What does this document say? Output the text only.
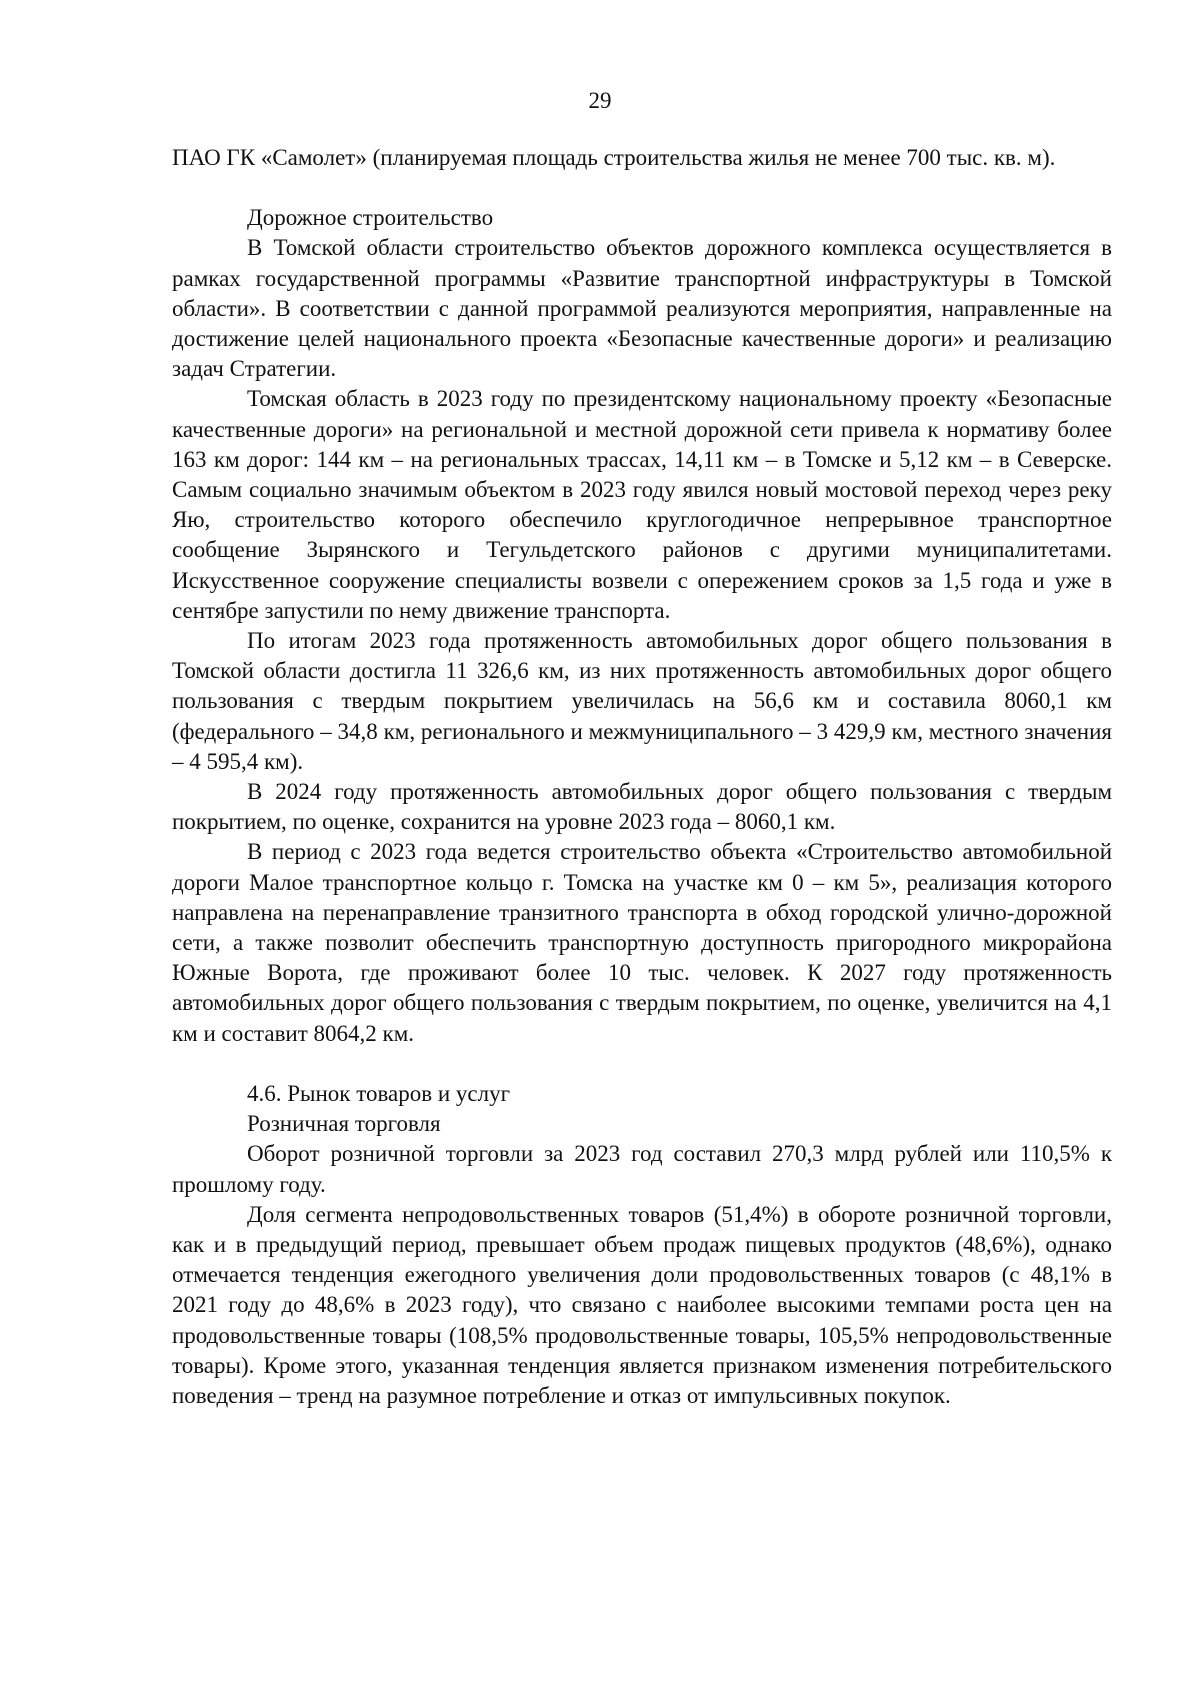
29

ПАО ГК «Самолет» (планируемая площадь строительства жилья не менее 700 тыс. кв. м).

Дорожное строительство

В Томской области строительство объектов дорожного комплекса осуществляется в рамках государственной программы «Развитие транспортной инфраструктуры в Томской области». В соответствии с данной программой реализуются мероприятия, направленные на достижение целей национального проекта «Безопасные качественные дороги» и реализацию задач Стратегии.

Томская область в 2023 году по президентскому национальному проекту «Безопасные качественные дороги» на региональной и местной дорожной сети привела к нормативу более 163 км дорог: 144 км – на региональных трассах, 14,11 км – в Томске и 5,12 км – в Северске. Самым социально значимым объектом в 2023 году явился новый мостовой переход через реку Яю, строительство которого обеспечило круглогодичное непрерывное транспортное сообщение Зырянского и Тегульдетского районов с другими муниципалитетами. Искусственное сооружение специалисты возвели с опережением сроков за 1,5 года и уже в сентябре запустили по нему движение транспорта.

По итогам 2023 года протяженность автомобильных дорог общего пользования в Томской области достигла 11 326,6 км, из них протяженность автомобильных дорог общего пользования с твердым покрытием увеличилась на 56,6 км и составила 8060,1 км (федерального – 34,8 км, регионального и межмуниципального – 3 429,9 км, местного значения – 4 595,4 км).

В 2024 году протяженность автомобильных дорог общего пользования с твердым покрытием, по оценке, сохранится на уровне 2023 года – 8060,1 км.

В период с 2023 года ведется строительство объекта «Строительство автомобильной дороги Малое транспортное кольцо г. Томска на участке км 0 – км 5», реализация которого направлена на перенаправление транзитного транспорта в обход городской улично-дорожной сети, а также позволит обеспечить транспортную доступность пригородного микрорайона Южные Ворота, где проживают более 10 тыс. человек. К 2027 году протяженность автомобильных дорог общего пользования с твердым покрытием, по оценке, увеличится на 4,1 км и составит 8064,2 км.

4.6. Рынок товаров и услуг
Розничная торговля

Оборот розничной торговли за 2023 год составил 270,3 млрд рублей или 110,5% к прошлому году.

Доля сегмента непродовольственных товаров (51,4%) в обороте розничной торговли, как и в предыдущий период, превышает объем продаж пищевых продуктов (48,6%), однако отмечается тенденция ежегодного увеличения доли продовольственных товаров (с 48,1% в 2021 году до 48,6% в 2023 году), что связано с наиболее высокими темпами роста цен на продовольственные товары (108,5% продовольственные товары, 105,5% непродовольственные товары). Кроме этого, указанная тенденция является признаком изменения потребительского поведения – тренд на разумное потребление и отказ от импульсивных покупок.
